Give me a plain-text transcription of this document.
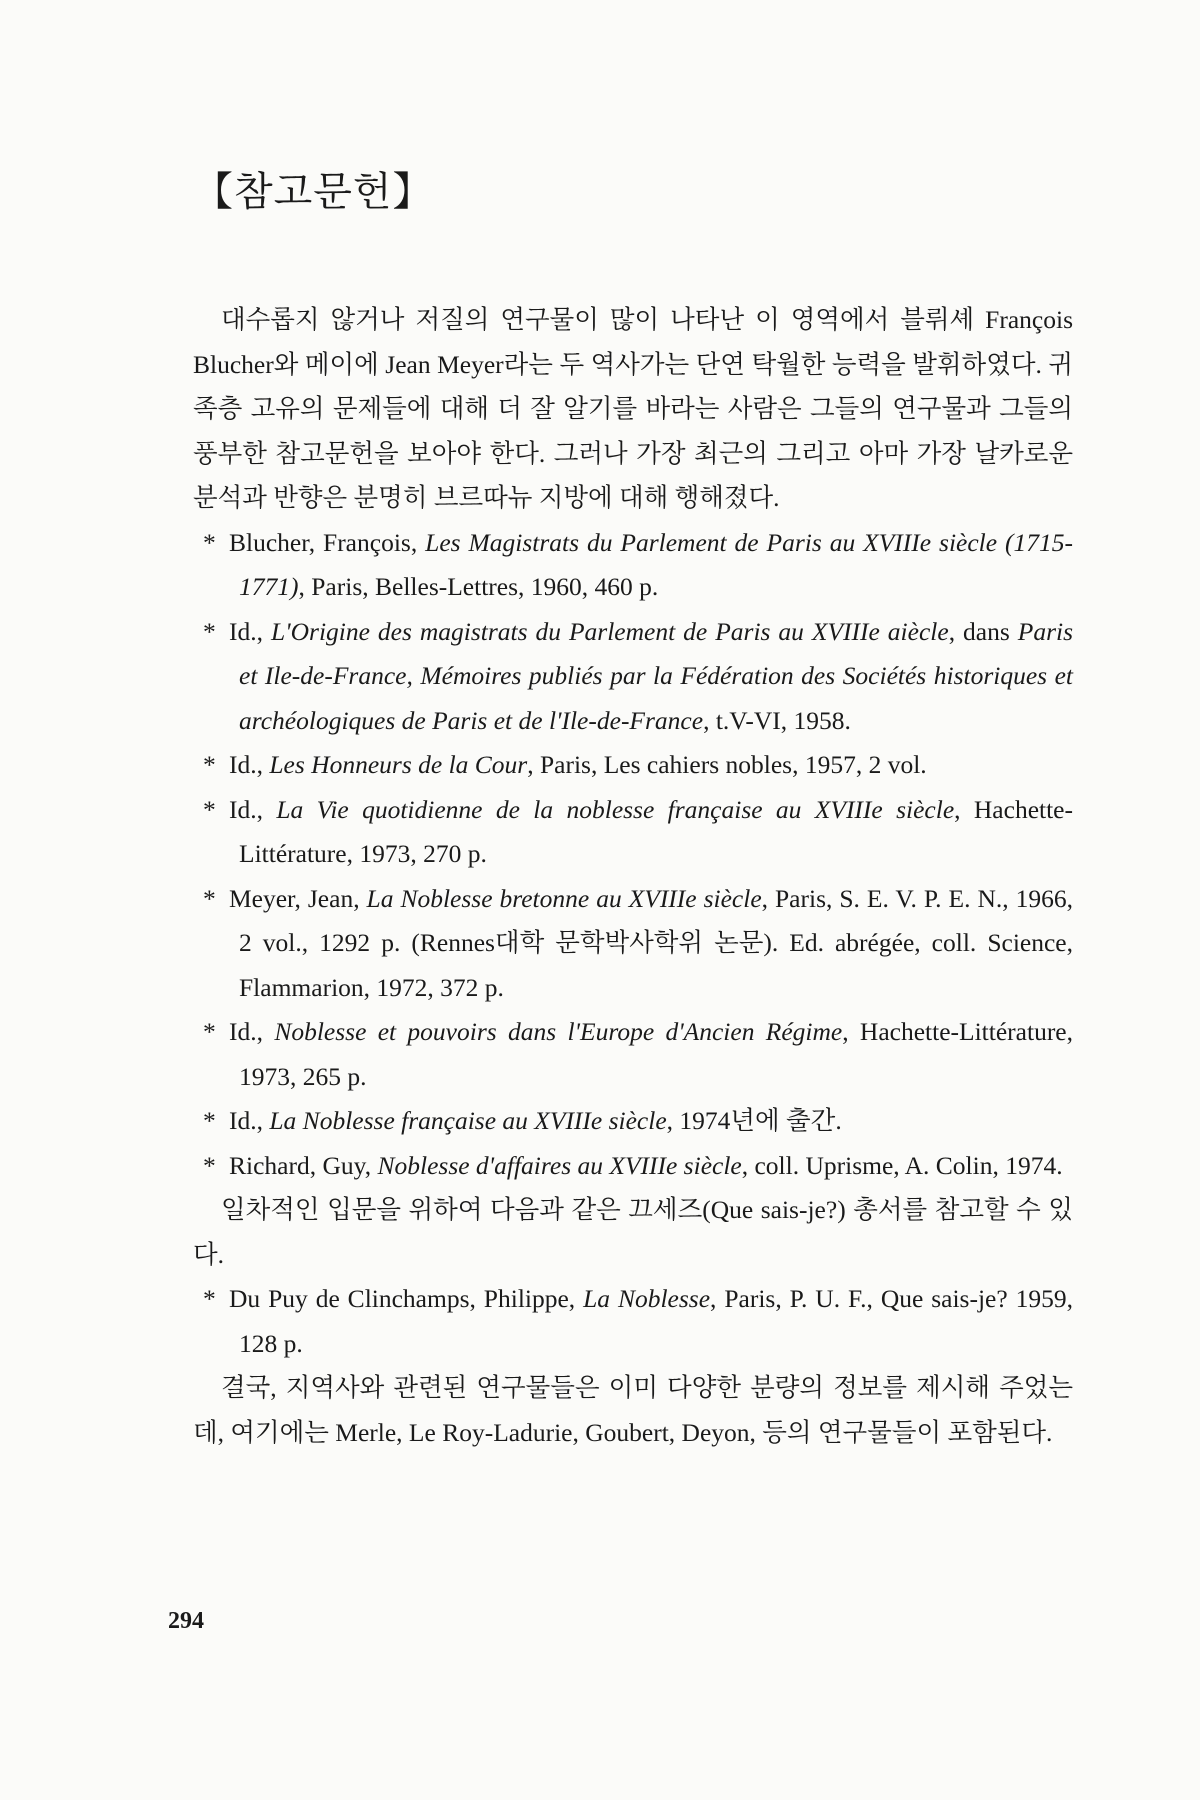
【참고문헌】

대수롭지 않거나 저질의 연구물이 많이 나타난 이 영역에서 블뤼셰 François Blucher와 메이에 Jean Meyer라는 두 역사가는 단연 탁월한 능력을 발휘하였다. 귀족층 고유의 문제들에 대해 더 잘 알기를 바라는 사람은 그들의 연구물과 그들의 풍부한 참고문헌을 보아야 한다. 그러나 가장 최근의 그리고 아마 가장 날카로운 분석과 반향은 분명히 브르따뉴 지방에 대해 행해졌다.

* Blucher, François, Les Magistrats du Parlement de Paris au XVIIIe siècle (1715-1771), Paris, Belles-Lettres, 1960, 460 p.

* Id., L'Origine des magistrats du Parlement de Paris au XVIIIe aiècle, dans Paris et Ile-de-France, Mémoires publiés par la Fédération des Sociétés historiques et archéologiques de Paris et de l'Ile-de-France, t.V-VI, 1958.

* Id., Les Honneurs de la Cour, Paris, Les cahiers nobles, 1957, 2 vol.

* Id., La Vie quotidienne de la noblesse française au XVIIIe siècle, Hachette-Littérature, 1973, 270 p.

* Meyer, Jean, La Noblesse bretonne au XVIIIe siècle, Paris, S. E. V. P. E. N., 1966, 2 vol., 1292 p. (Rennes대학 문학박사학위 논문). Ed. abrégée, coll. Science, Flammarion, 1972, 372 p.

* Id., Noblesse et pouvoirs dans l'Europe d'Ancien Régime, Hachette-Littérature, 1973, 265 p.

* Id., La Noblesse française au XVIIIe siècle, 1974년에 출간.

* Richard, Guy, Noblesse d'affaires au XVIIIe siècle, coll. Uprisme, A. Colin, 1974.

일차적인 입문을 위하여 다음과 같은 끄세즈(Que sais-je?) 총서를 참고할 수 있다.

* Du Puy de Clinchamps, Philippe, La Noblesse, Paris, P. U. F., Que sais-je? 1959, 128 p.

결국, 지역사와 관련된 연구물들은 이미 다양한 분량의 정보를 제시해 주었는데, 여기에는 Merle, Le Roy-Ladurie, Goubert, Deyon, 등의 연구물들이 포함된다.

294
